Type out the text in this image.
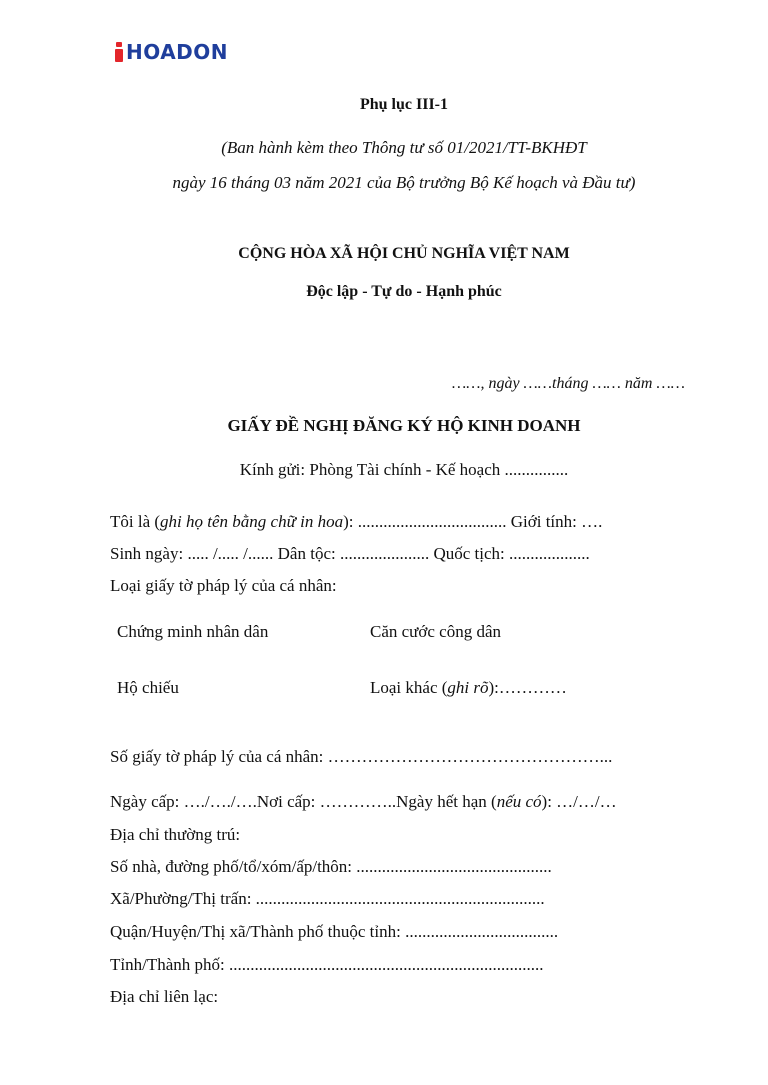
HOADON
Phụ lục III-1
(Ban hành kèm theo Thông tư số 01/2021/TT-BKHĐT
ngày 16 tháng 03 năm 2021 của Bộ trưởng Bộ Kế hoạch và Đầu tư)
CỘNG HÒA XÃ HỘI CHỦ NGHĨA VIỆT NAM
Độc lập - Tự do - Hạnh phúc
……, ngày ……tháng …… năm ……
GIẤY ĐỀ NGHỊ ĐĂNG KÝ HỘ KINH DOANH
Kính gửi: Phòng Tài chính - Kế hoạch ...............
Tôi là (ghi họ tên bằng chữ in hoa): ................................... Giới tính: ….
Sinh ngày: ..... /..... /...... Dân tộc: ..................... Quốc tịch: ...................
Loại giấy tờ pháp lý của cá nhân:
Chứng minh nhân dân	Căn cước công dân
Hộ chiếu	Loại khác (ghi rõ):…………
Số giấy tờ pháp lý của cá nhân: …………………………………………...
Ngày cấp: …./…./….Nơi cấp: …………..Ngày hết hạn (nếu có): …/…/…
Địa chỉ thường trú:
Số nhà, đường phố/tổ/xóm/ấp/thôn: ..............................................
Xã/Phường/Thị trấn: ....................................................................
Quận/Huyện/Thị xã/Thành phố thuộc tỉnh: ....................................
Tỉnh/Thành phố: ..........................................................................
Địa chỉ liên lạc:
